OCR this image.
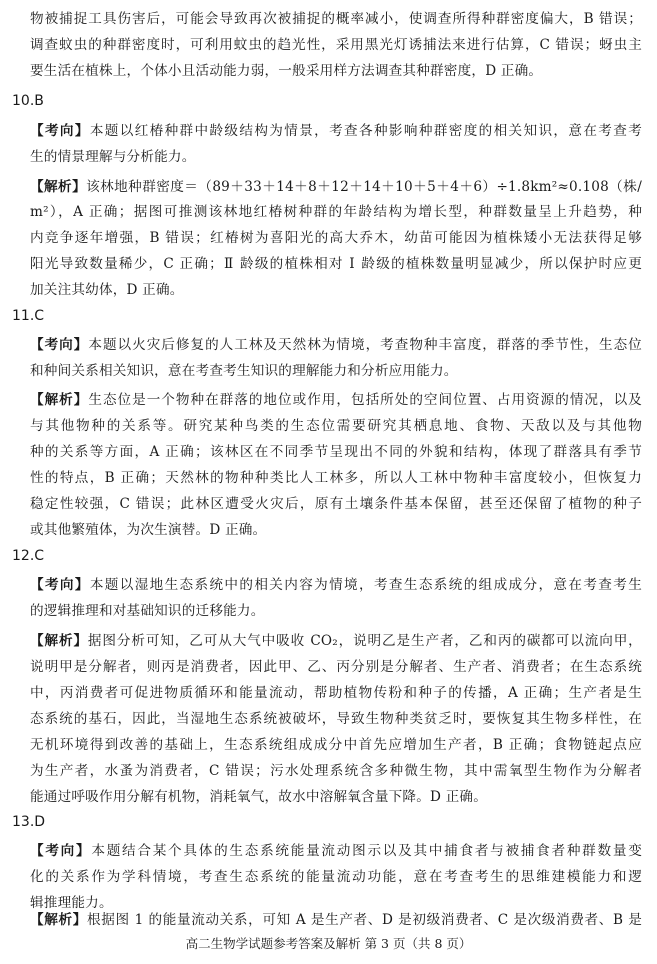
物被捕捉工具伤害后，可能会导致再次被捕捉的概率减小，使调查所得种群密度偏大，B 错误；
调查蚊虫的种群密度时，可利用蚊虫的趋光性，采用黑光灯诱捕法来进行估算，C 错误；蚜虫主
要生活在植株上，个体小且活动能力弱，一般采用样方法调查其种群密度，D 正确。
10.B
【考向】本题以红椿种群中龄级结构为情景，考查各种影响种群密度的相关知识，意在考查考
生的情景理解与分析能力。
【解析】该林地种群密度＝（89＋33＋14＋8＋12＋14＋10＋5＋4＋6）÷1.8km²≈0.108（株/
m²），A 正确；据图可推测该林地红椿树种群的年龄结构为增长型，种群数量呈上升趋势，种
内竞争逐年增强，B 错误；红椿树为喜阳光的高大乔木，幼苗可能因为植株矮小无法获得足够
阳光导致数量稀少，C 正确；Ⅱ 龄级的植株相对 Ⅰ 龄级的植株数量明显减少，所以保护时应更
加关注其幼体，D 正确。
11.C
【考向】本题以火灾后修复的人工林及天然林为情境，考查物种丰富度，群落的季节性，生态位
和种间关系相关知识，意在考查考生知识的理解能力和分析应用能力。
【解析】生态位是一个物种在群落的地位或作用，包括所处的空间位置、占用资源的情况，以及
与其他物种的关系等。研究某种鸟类的生态位需要研究其栖息地、食物、天敌以及与其他物
种的关系等方面，A 正确；该林区在不同季节呈现出不同的外貌和结构，体现了群落具有季节
性的特点，B 正确；天然林的物种种类比人工林多，所以人工林中物种丰富度较小，但恢复力
稳定性较强，C 错误；此林区遭受火灾后，原有土壤条件基本保留，甚至还保留了植物的种子
或其他繁殖体，为次生演替。D 正确。
12.C
【考向】本题以湿地生态系统中的相关内容为情境，考查生态系统的组成成分，意在考查考生
的逻辑推理和对基础知识的迁移能力。
【解析】据图分析可知，乙可从大气中吸收 CO₂，说明乙是生产者，乙和丙的碳都可以流向甲，
说明甲是分解者，则丙是消费者，因此甲、乙、丙分别是分解者、生产者、消费者；在生态系统
中，丙消费者可促进物质循环和能量流动，帮助植物传粉和种子的传播，A 正确；生产者是生
态系统的基石，因此，当湿地生态系统被破坏，导致生物种类贫乏时，要恢复其生物多样性，在
无机环境得到改善的基础上，生态系统组成成分中首先应增加生产者，B 正确；食物链起点应
为生产者，水蚤为消费者，C 错误；污水处理系统含多种微生物，其中需氧型生物作为分解者
能通过呼吸作用分解有机物，消耗氧气，故水中溶解氧含量下降。D 正确。
13.D
【考向】本题结合某个具体的生态系统能量流动图示以及其中捕食者与被捕食者种群数量变
化的关系作为学科情境，考查生态系统的能量流动功能，意在考查考生的思维建模能力和逻
辑推理能力。
【解析】根据图 1 的能量流动关系，可知 A 是生产者、D 是初级消费者、C 是次级消费者、B 是
高二生物学试题参考答案及解析 第 3 页（共 8 页）
